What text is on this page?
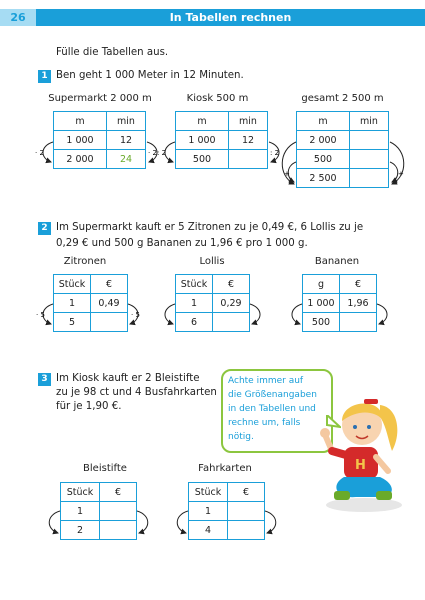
26	In Tabellen rechnen
Fülle die Tabellen aus.
1 Ben geht 1 000 Meter in 12 Minuten.
Supermarkt 2 000 m
m	min
1 000	12
2 000	24
Kiosk 500 m
m	min
1 000	12
500	
gesamt 2 500 m
m	min
2 000	
500	
2 500	
2 Im Supermarkt kauft er 5 Zitronen zu je 0,49 €, 6 Lollis zu je
0,29 € und 500 g Bananen zu 1,96 € pro 1 000 g.
Zitronen
Stück	€
1	0,49
5	
Lollis
Stück	€
1	0,29
6	
Bananen
g	€
1 000	1,96
500	
3 Im Kiosk kauft er 2 Bleistifte
zu je 98 ct und 4 Busfahrkarten
für je 1,90 €.
Bleistifte
Stück	€
1	
2	
Fahrkarten
Stück	€
1	
4	
· 2	· 2 : 2	: 2
+	+
· 5	· 5
Achte immer auf
die Größenangaben
in den Tabellen und
rechne um, falls
nötig.
H
